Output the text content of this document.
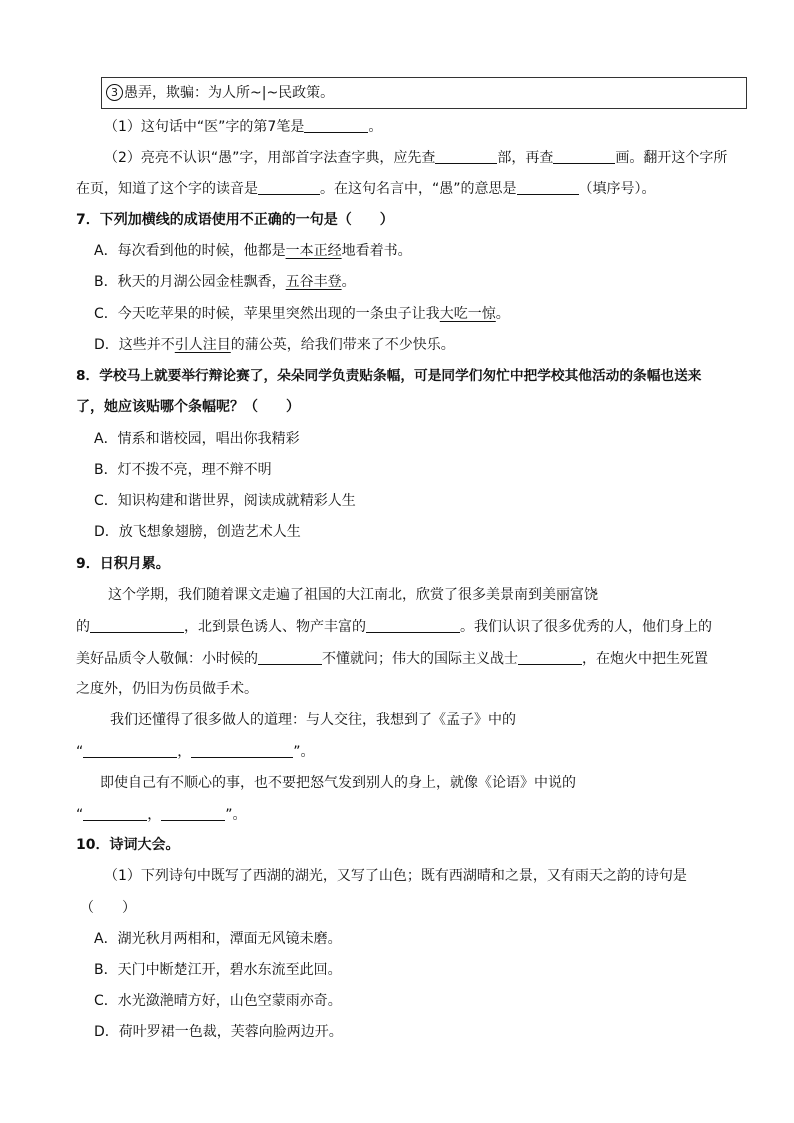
3 愚弄，欺骗：为人所~|~民政策。
（1）这句话中“医”字的第7笔是	。
（2）亮亮不认识“愚”字，用部首字法查字典，应先查	部，再查	画。翻开这个字所
在页，知道了这个字的读音是	。在这句名言中，“愚”的意思是	（填序号）。
7．下列加横线的成语使用不正确的一句是（　　）
A．每次看到他的时候，他都是一本正经地看着书。
B．秋天的月湖公园金桂飘香，五谷丰登。
C．今天吃苹果的时候，苹果里突然出现的一条虫子让我大吃一惊。
D．这些并不引人注目的蒲公英，给我们带来了不少快乐。
8．学校马上就要举行辩论赛了，朵朵同学负责贴条幅，可是同学们匆忙中把学校其他活动的条幅也送来
了，她应该贴哪个条幅呢？（　　）
A．情系和谐校园，唱出你我精彩
B．灯不拨不亮，理不辩不明
C．知识构建和谐世界，阅读成就精彩人生
D．放飞想象翅膀，创造艺术人生
9．日积月累。
这个学期，我们随着课文走遍了祖国的大江南北，欣赏了很多美景南到美丽富饶
的	，北到景色诱人、物产丰富的	。我们认识了很多优秀的人，他们身上的
美好品质令人敬佩：小时候的	不懂就问；伟大的国际主义战士	，在炮火中把生死置
之度外，仍旧为伤员做手术。
我们还懂得了很多做人的道理：与人交往，我想到了《孟子》中的
“	，	”。
即使自己有不顺心的事，也不要把怒气发到别人的身上，就像《论语》中说的
“	，	”。
10．诗词大会。
（1）下列诗句中既写了西湖的湖光，又写了山色；既有西湖晴和之景，又有雨天之韵的诗句是
（　　）
A．湖光秋月两相和，潭面无风镜未磨。
B．天门中断楚江开，碧水东流至此回。
C．水光潋滟晴方好，山色空蒙雨亦奇。
D．荷叶罗裙一色裁，芙蓉向脸两边开。
